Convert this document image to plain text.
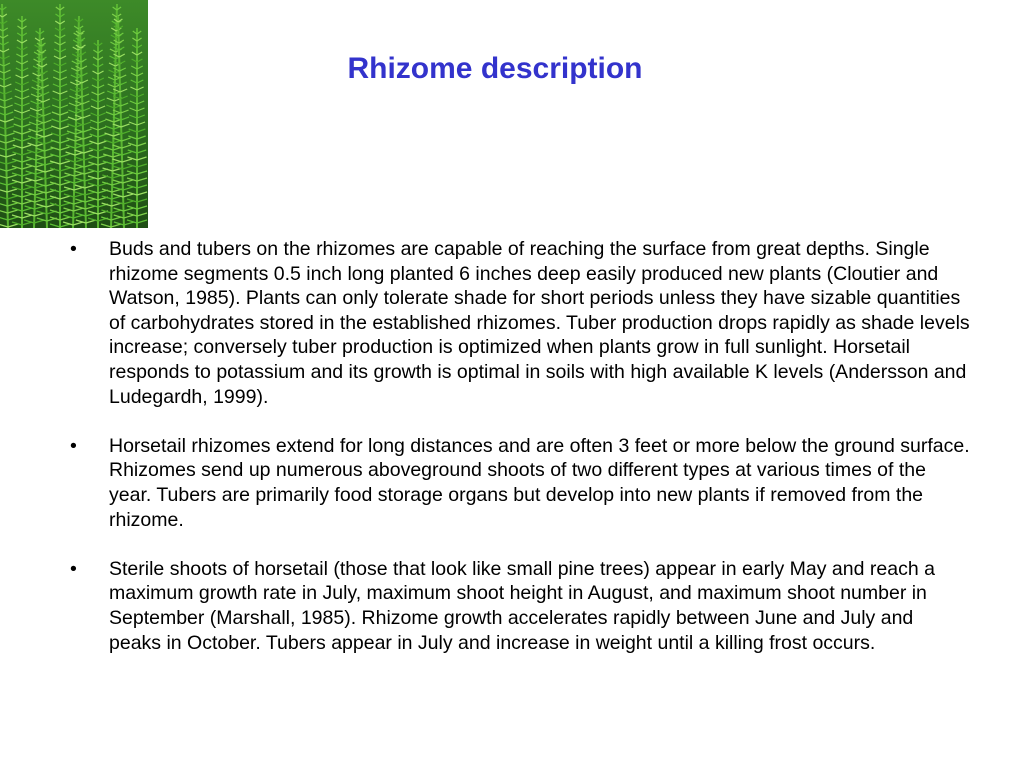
Rhizome description
•	Buds and tubers on the rhizomes are capable of reaching the surface from great depths. Single rhizome segments 0.5 inch long planted 6 inches deep easily produced new plants (Cloutier and Watson, 1985). Plants can only tolerate shade for short periods unless they have sizable quantities of carbohydrates stored in the established rhizomes. Tuber production drops rapidly as shade levels increase; conversely tuber production is optimized when plants grow in full sunlight. Horsetail responds to potassium and its growth is optimal in soils with high available K levels (Andersson and Ludegardh, 1999).
•	Horsetail rhizomes extend for long distances and are often 3 feet or more below the ground surface. Rhizomes send up numerous aboveground shoots of two different types at various times of the year. Tubers are primarily food storage organs but develop into new plants if removed from the rhizome.
•	Sterile shoots of horsetail (those that look like small pine trees) appear in early May and reach a maximum growth rate in July, maximum shoot height in August, and maximum shoot number in September (Marshall, 1985). Rhizome growth accelerates rapidly between June and July and peaks in October. Tubers appear in July and increase in weight until a killing frost occurs.
